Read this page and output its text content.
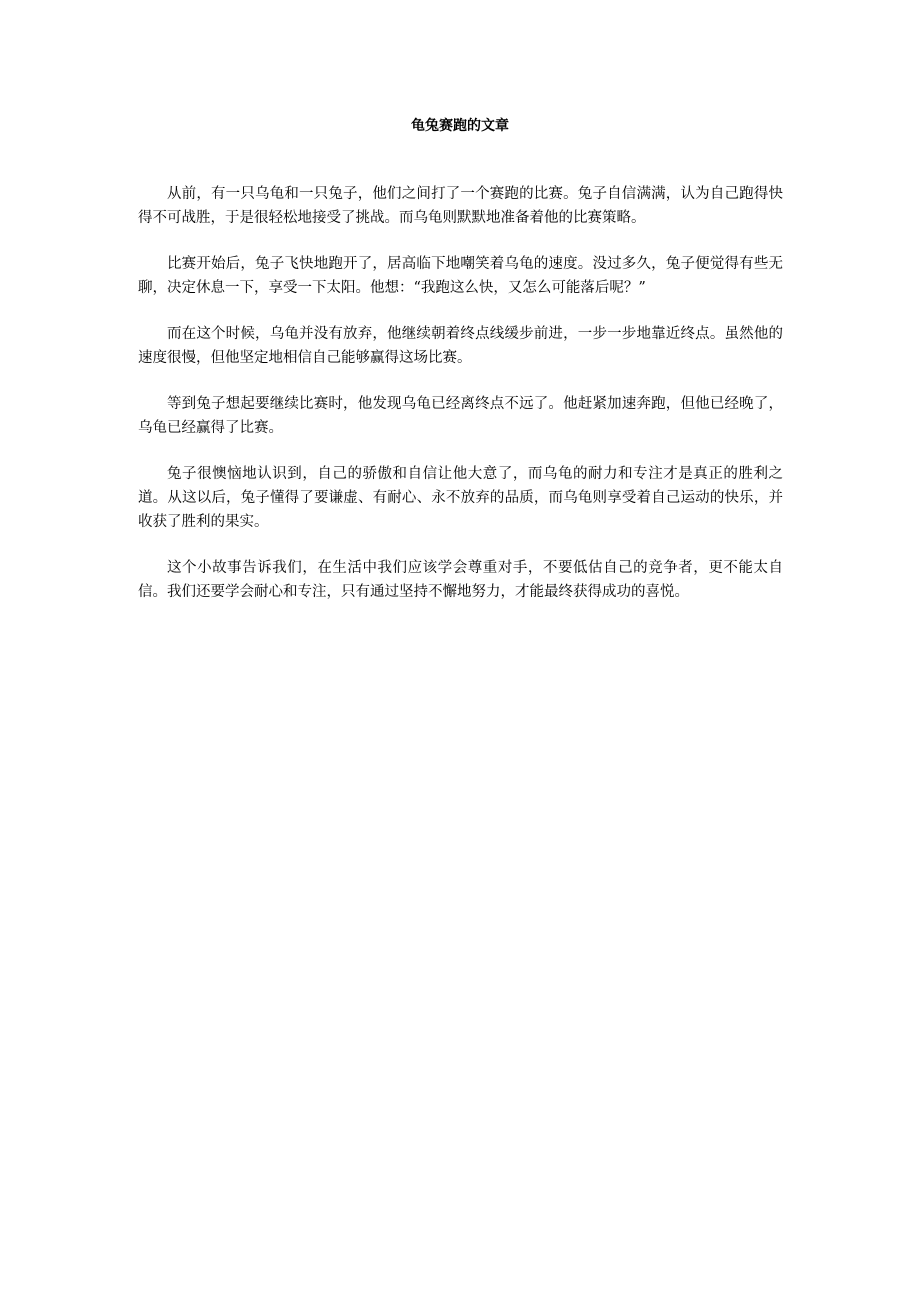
龟兔赛跑的文章

从前，有一只乌龟和一只兔子，他们之间打了一个赛跑的比赛。兔子自信满满，认为自己跑得快得不可战胜，于是很轻松地接受了挑战。而乌龟则默默地准备着他的比赛策略。

比赛开始后，兔子飞快地跑开了，居高临下地嘲笑着乌龟的速度。没过多久，兔子便觉得有些无聊，决定休息一下，享受一下太阳。他想：“我跑这么快，又怎么可能落后呢？”

而在这个时候，乌龟并没有放弃，他继续朝着终点线缓步前进，一步一步地靠近终点。虽然他的速度很慢，但他坚定地相信自己能够赢得这场比赛。

等到兔子想起要继续比赛时，他发现乌龟已经离终点不远了。他赶紧加速奔跑，但他已经晚了，乌龟已经赢得了比赛。

兔子很懊恼地认识到，自己的骄傲和自信让他大意了，而乌龟的耐力和专注才是真正的胜利之道。从这以后，兔子懂得了要谦虚、有耐心、永不放弃的品质，而乌龟则享受着自己运动的快乐，并收获了胜利的果实。

这个小故事告诉我们，在生活中我们应该学会尊重对手，不要低估自己的竞争者，更不能太自信。我们还要学会耐心和专注，只有通过坚持不懈地努力，才能最终获得成功的喜悦。
